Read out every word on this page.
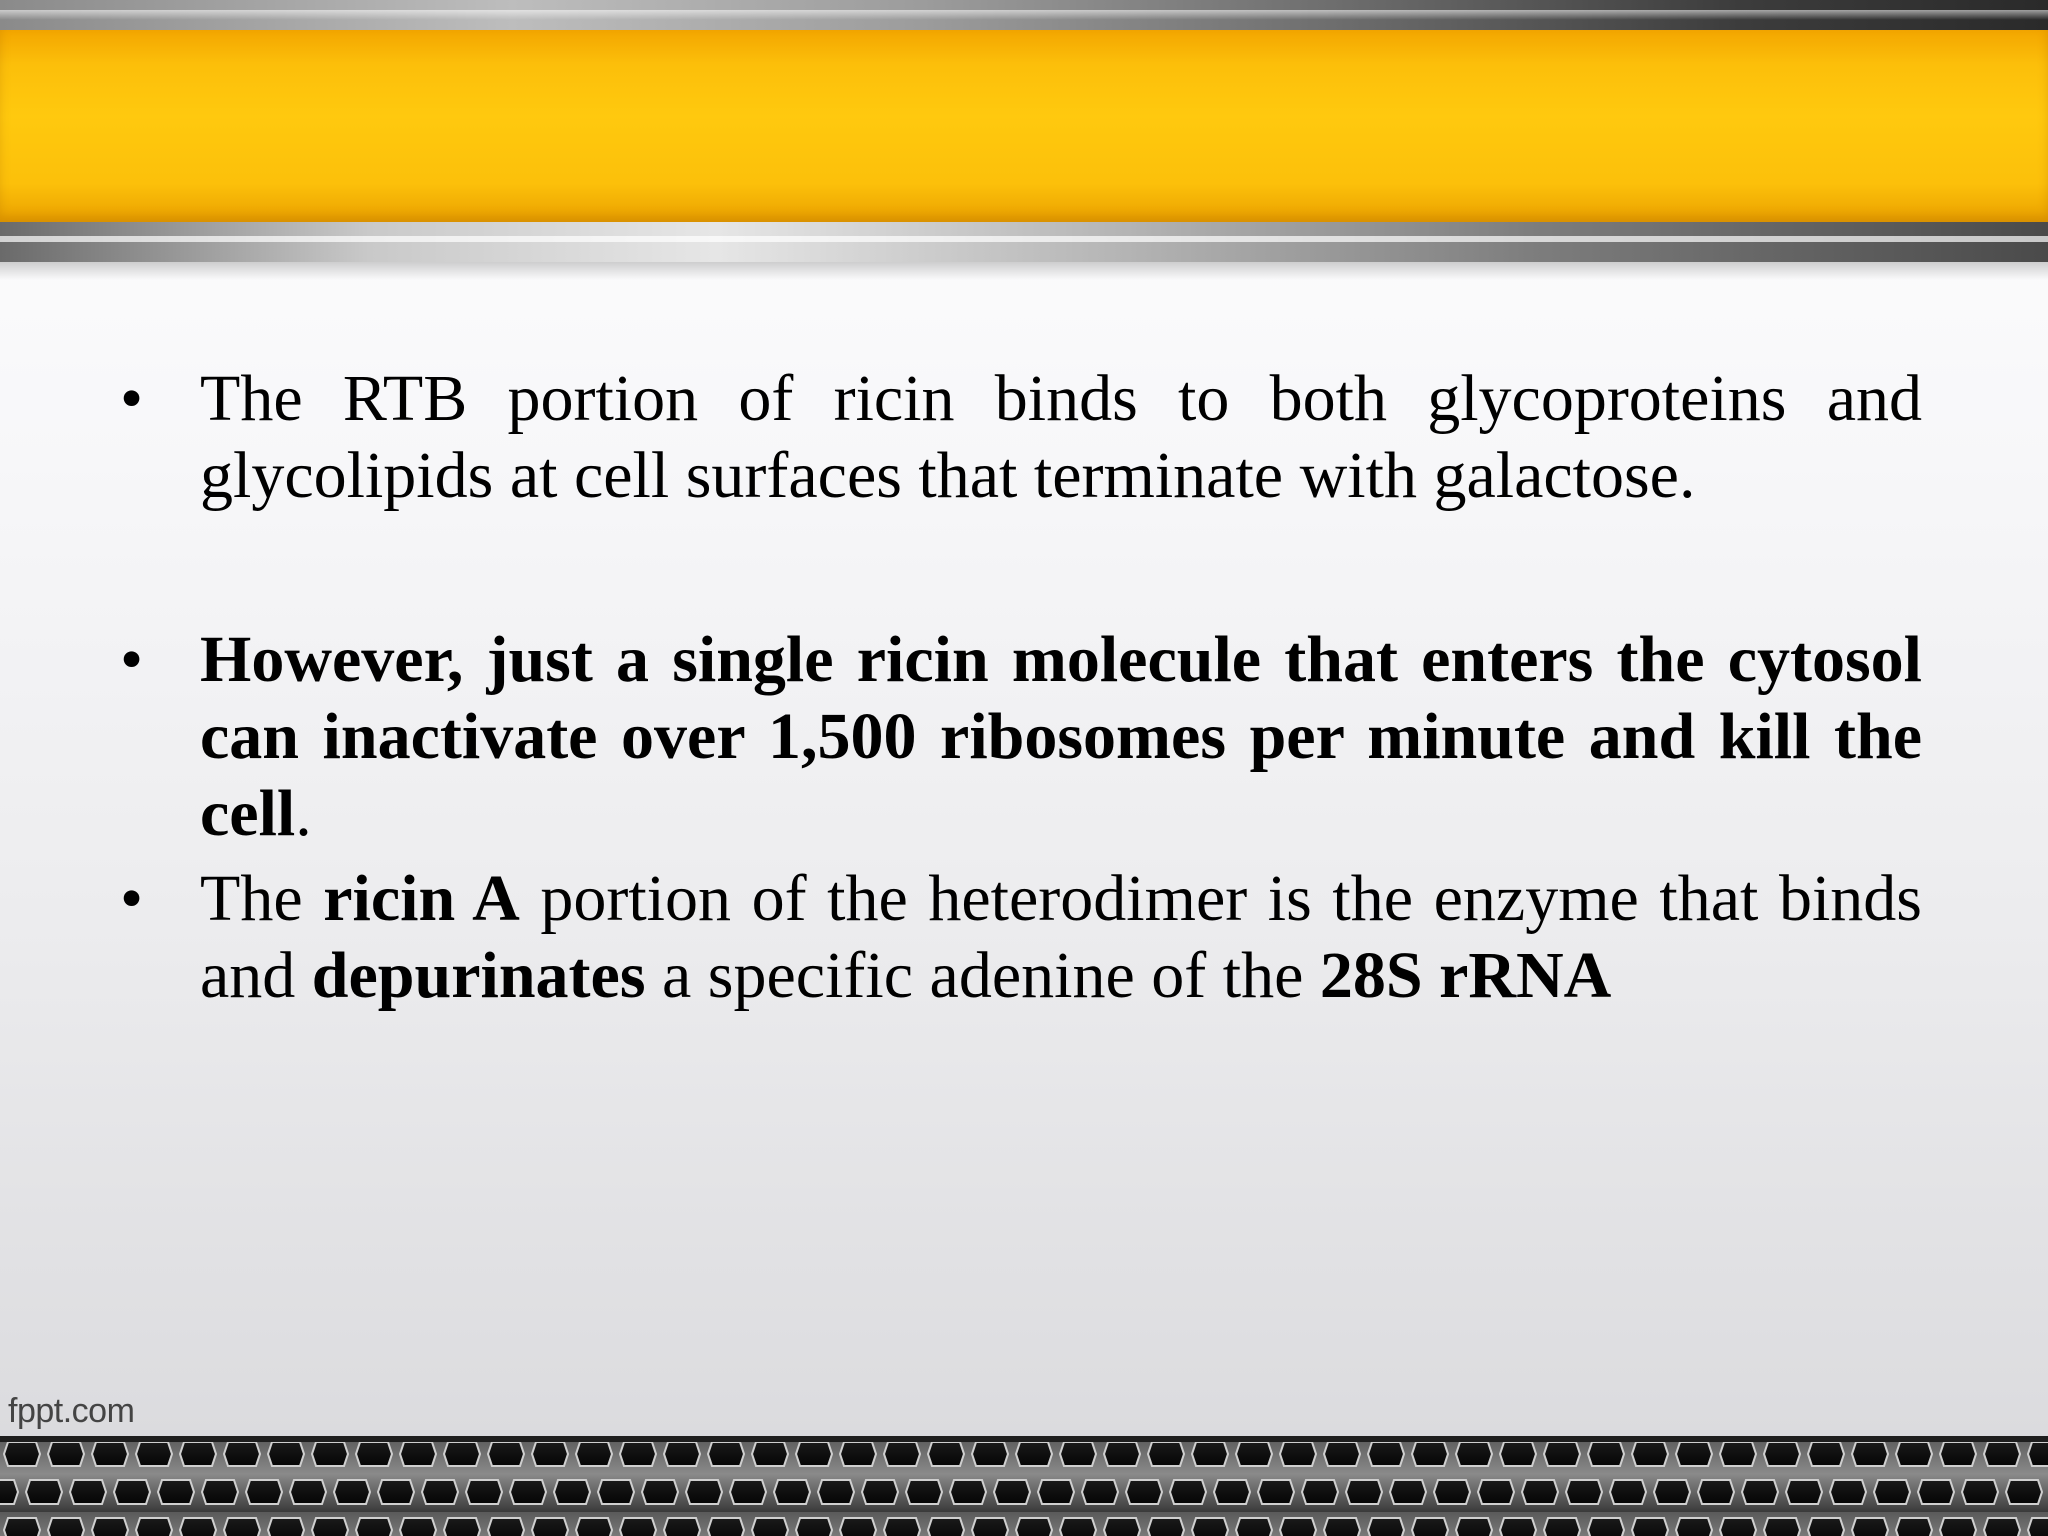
• The RTB portion of ricin binds to both glycoproteins and glycolipids at cell surfaces that terminate with galactose.
• However, just a single ricin molecule that enters the cytosol can inactivate over 1,500 ribosomes per minute and kill the cell.
• The ricin A portion of the heterodimer is the enzyme that binds and depurinates a specific adenine of the 28S rRNA
fppt.com
